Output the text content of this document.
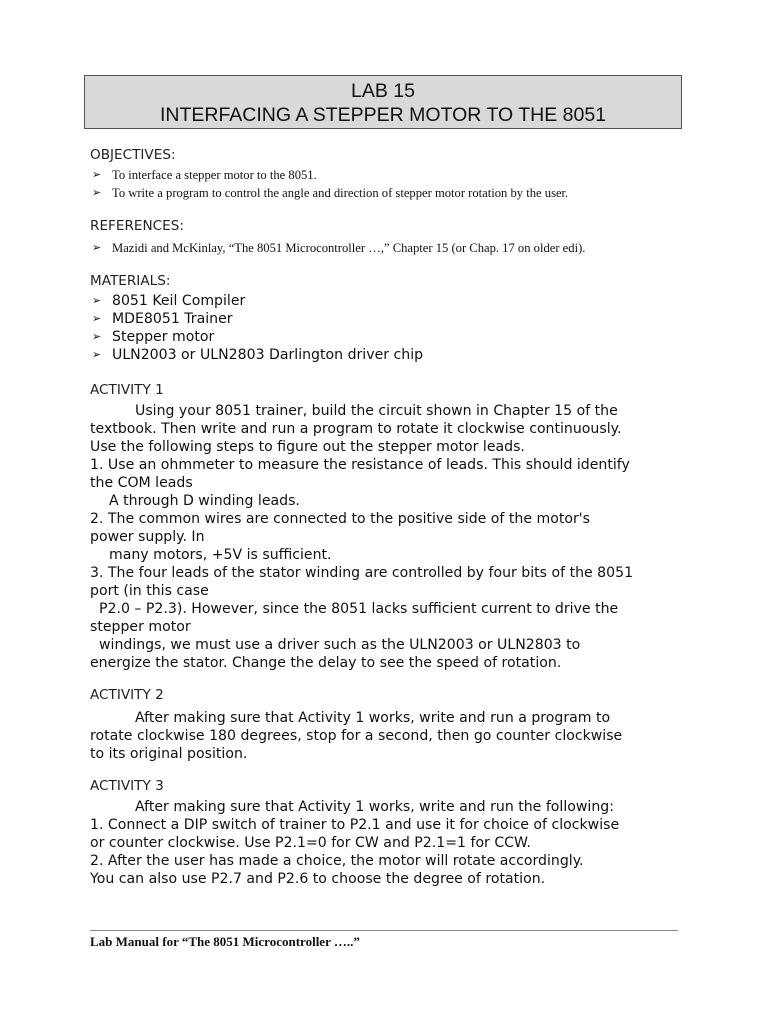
LAB 15
INTERFACING A STEPPER MOTOR TO THE 8051
OBJECTIVES:
➢ To interface a stepper motor to the 8051.
➢ To write a program to control the angle and direction of stepper motor rotation by the user.
REFERENCES:
➢ Mazidi and McKinlay, “The 8051 Microcontroller …,” Chapter 15 (or Chap. 17 on older edi).
MATERIALS:
➢ 8051 Keil Compiler
➢ MDE8051 Trainer
➢ Stepper motor
➢ ULN2003 or ULN2803 Darlington driver chip
ACTIVITY 1
Using your 8051 trainer, build the circuit shown in Chapter 15 of the
textbook. Then write and run a program to rotate it clockwise continuously.
Use the following steps to figure out the stepper motor leads.
1. Use an ohmmeter to measure the resistance of leads. This should identify
the COM leads
A through D winding leads.
2. The common wires are connected to the positive side of the motor's
power supply. In
many motors, +5V is sufficient.
3. The four leads of the stator winding are controlled by four bits of the 8051
port (in this case
P2.0 – P2.3). However, since the 8051 lacks sufficient current to drive the
stepper motor
windings, we must use a driver such as the ULN2003 or ULN2803 to
energize the stator. Change the delay to see the speed of rotation.
ACTIVITY 2
After making sure that Activity 1 works, write and run a program to
rotate clockwise 180 degrees, stop for a second, then go counter clockwise
to its original position.
ACTIVITY 3
After making sure that Activity 1 works, write and run the following:
1. Connect a DIP switch of trainer to P2.1 and use it for choice of clockwise
or counter clockwise. Use P2.1=0 for CW and P2.1=1 for CCW.
2. After the user has made a choice, the motor will rotate accordingly.
You can also use P2.7 and P2.6 to choose the degree of rotation.
Lab Manual for “The 8051 Microcontroller …..”
